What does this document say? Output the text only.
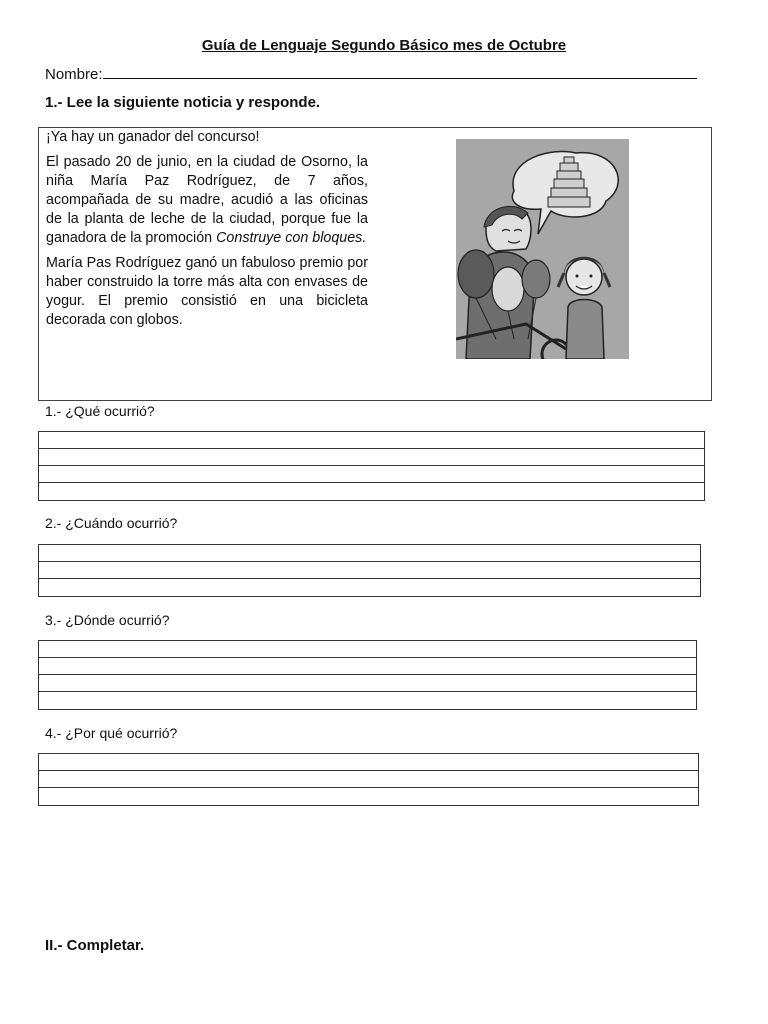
Guía de Lenguaje Segundo Básico mes de Octubre
Nombre:
1.- Lee la siguiente noticia y responde.

¡Ya hay un ganador del concurso!

El pasado 20 de junio, en la ciudad de Osorno, la niña María Paz Rodríguez, de 7 años, acompañada de su madre, acudió a las oficinas de la planta de leche de la ciudad, porque fue la ganadora de la promoción Construye con bloques.

María Pas Rodríguez ganó un fabuloso premio por haber construido la torre más alta con envases de yogur. El premio consistió en una bicicleta decorada con globos.

1.- ¿Qué ocurrió?
2.- ¿Cuándo ocurrió?
3.- ¿Dónde ocurrió?
4.- ¿Por qué ocurrió?
II.- Completar.
